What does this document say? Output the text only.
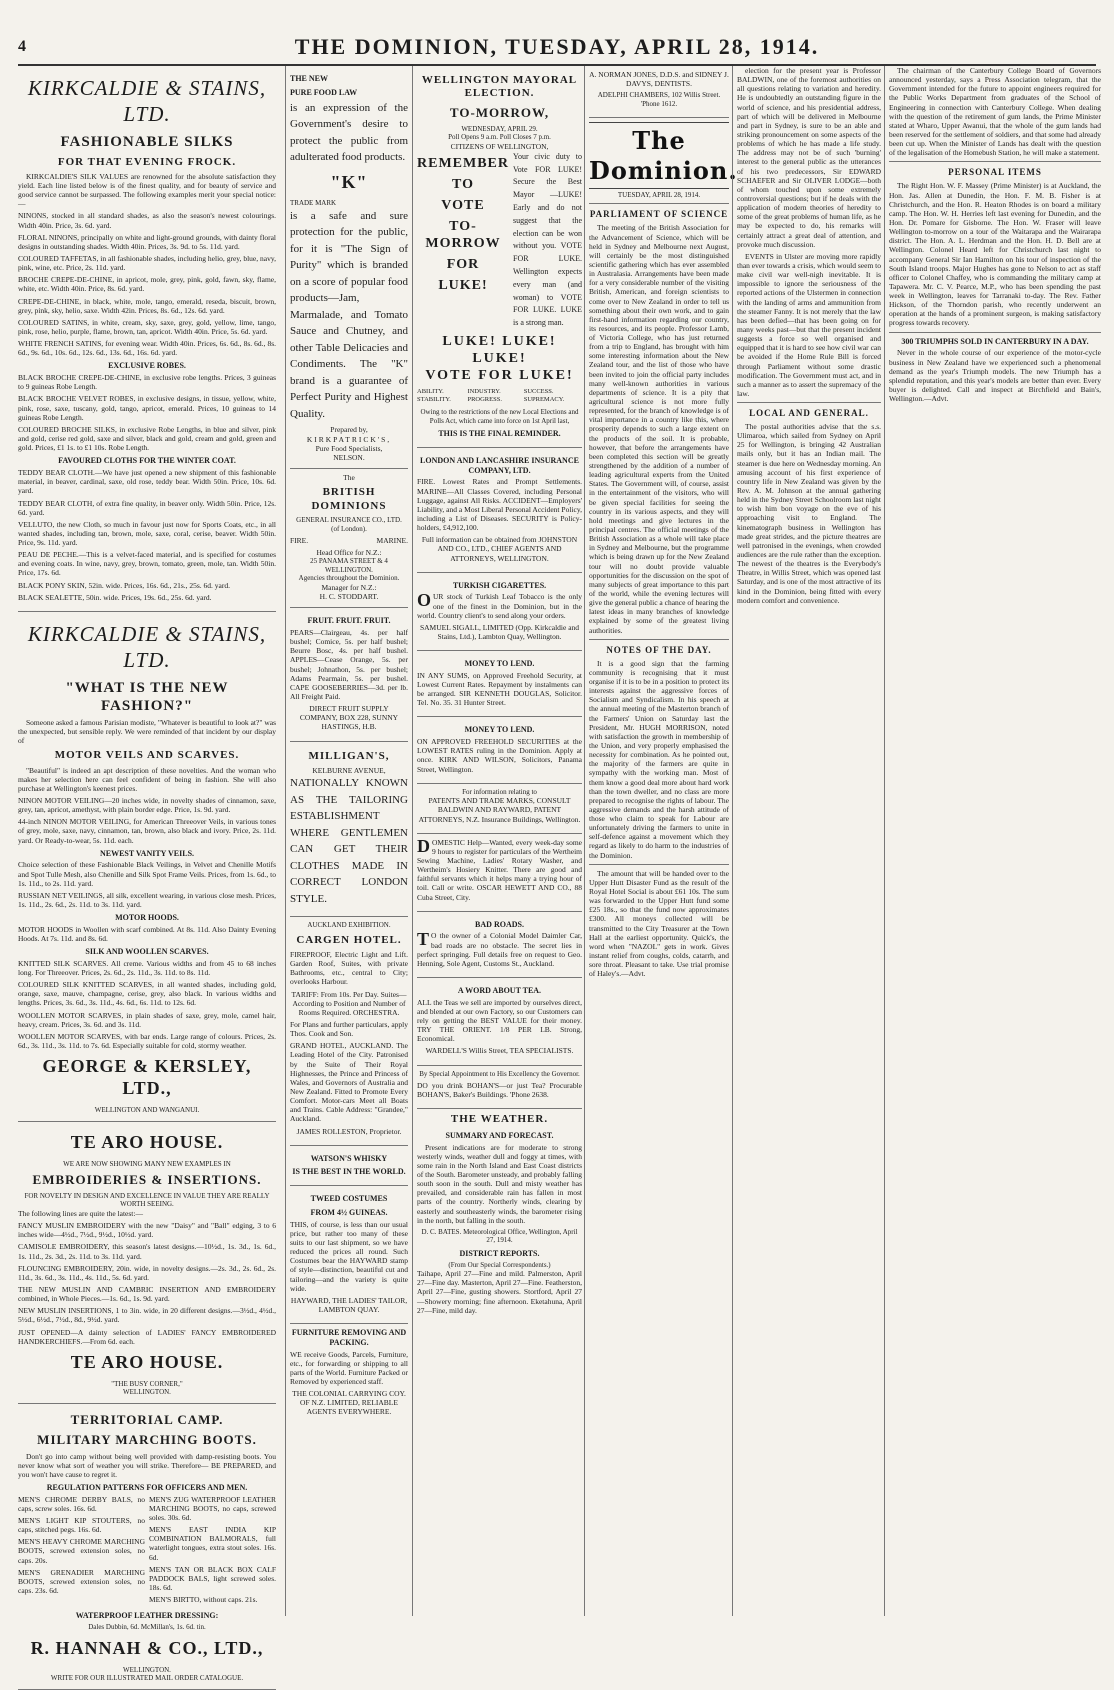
4	THE DOMINION, TUESDAY, APRIL 28, 1914.
KIRKCALDIE & STAINS, LTD.
FASHIONABLE SILKS
FOR THAT EVENING FROCK.

KIRKCALDIE'S SILK VALUES are renowned for the absolute satisfaction they yield. Each line listed below is of the finest quality, and for beauty of service and good service cannot be surpassed. The following examples merit your special notice:—

NINONS, stocked in all standard shades, as also the season's newest colourings. Width 40in. Price, 3s. 6d. yard.

FLORAL NINONS, principally on white and light-ground grounds, with dainty floral designs in outstanding shades. Width 40in. Prices, 3s. 9d. to 5s. 11d. yard.

COLOURED TAFFETAS, in all fashionable shades, including helio, grey, blue, navy, pink, wine, etc. Price, 2s. 11d. yard.

BROCHE CREPE-DE-CHINE, in apricot, mole, grey, pink, gold, fawn, sky, flame, white, etc. Width 40in. Price, 8s. 6d. yard.

CREPE-DE-CHINE, in black, white, mole, tango, emerald, reseda, biscuit, brown, grey, pink, sky, helio, saxe. Width 42in. Prices, 8s. 6d., 12s. 6d. yard.

COLOURED SATINS, in white, cream, sky, saxe, grey, gold, yellow, lime, tango, pink, rose, helio, purple, flame, brown, tan, apricot. Width 40in. Price, 5s. 6d. yard.

WHITE FRENCH SATINS, for evening wear. Width 40in. Prices, 6s. 6d., 8s. 6d., 8s. 6d., 9s. 6d., 10s. 6d., 12s. 6d., 13s. 6d., 16s. 6d. yard.

EXCLUSIVE ROBES.

BLACK BROCHE CREPE-DE-CHINE, in exclusive robe lengths. Prices, 3 guineas to 9 guineas Robe Length.

BLACK BROCHE VELVET ROBES, in exclusive designs, in tissue, yellow, white, pink, rose, saxe, tuscany, gold, tango, apricot, emerald. Prices, 10 guineas to 14 guineas Robe Length.

COLOURED BROCHE SILKS, in exclusive Robe Lengths, in blue and silver, pink and gold, cerise red gold, saxe and silver, black and gold, cream and gold, green and gold. Prices, £1 1s. to £1 10s. Robe Length.

FAVOURED CLOTHS FOR THE WINTER COAT.

TEDDY BEAR CLOTH.—We have just opened a new shipment of this fashionable material, in beaver, cardinal, saxe, old rose, teddy bear. Width 50in. Price, 10s. 6d. yard.

TEDDY BEAR CLOTH, of extra fine quality, in beaver only. Width 50in. Price, 12s. 6d. yard.

VELLUTO, the new Cloth, so much in favour just now for Sports Coats, etc., in all wanted shades, including tan, brown, mole, saxe, coral, cerise, beaver. Width 50in. Price, 9s. 11d. yard.

PEAU DE PECHE.—This is a velvet-faced material, and is specified for costumes and evening coats. In wine, navy, grey, brown, tomato, green, mole, tan. Width 50in. Price, 17s. 6d.

BLACK PONY SKIN, 52in. wide. Prices, 16s. 6d., 21s., 25s. 6d. yard.

BLACK SEALETTE, 50in. wide. Prices, 19s. 6d., 25s. 6d. yard.

KIRKCALDIE & STAINS, LTD.
"WHAT IS THE NEW FASHION?"

Someone asked a famous Parisian modiste, "Whatever is beautiful to look at?" was the unexpected, but sensible reply. We were reminded of that incident by our display of

MOTOR VEILS AND SCARVES.

"Beautiful" is indeed an apt description of these novelties. And the woman who makes her selection here can feel confident of being in fashion. She will also purchase at Wellington's keenest prices.

NINON MOTOR VEILING—20 inches wide, in novelty shades of cinnamon, saxe, grey, tan, apricot, amethyst, with plain border edge. Price, 1s. 9d. yard.

44-inch NINON MOTOR VEILING, for American Threeover Veils, in various tones of grey, mole, saxe, navy, cinnamon, tan, brown, also black and ivory. Price, 2s. 11d. yard. Or Ready-to-wear, 5s. 11d. each.

NEWEST VANITY VEILS.

Choice selection of these Fashionable Black Veilings, in Velvet and Chenille Motifs and Spot Tulle Mesh, also Chenille and Silk Spot Frame Veils. Prices, from 1s. 6d., to 1s. 11d., to 2s. 11d. yard.

RUSSIAN NET VEILINGS, all silk, excellent wearing, in various close mesh. Prices, 1s. 11d., 2s. 6d., 2s. 11d. to 3s. 11d. yard.

MOTOR HOODS.

MOTOR HOODS in Woollen with scarf combined. At 8s. 11d. Also Dainty Evening Hoods. At 7s. 11d. and 8s. 6d.

SILK AND WOOLLEN SCARVES.

KNITTED SILK SCARVES. All creme. Various widths and from 45 to 68 inches long. For Threeover. Prices, 2s. 6d., 2s. 11d., 3s. 11d. to 8s. 11d.

COLOURED SILK KNITTED SCARVES, in all wanted shades, including gold, orange, saxe, mauve, champagne, cerise, grey, also black. In various widths and lengths. Prices, 3s. 6d., 3s. 11d., 4s. 6d., 6s. 11d. to 12s. 6d.

WOOLLEN MOTOR SCARVES, in plain shades of saxe, grey, mole, camel hair, heavy, cream. Prices, 3s. 6d. and 3s. 11d.

WOOLLEN MOTOR SCARVES, with bar ends. Large range of colours. Prices, 2s. 6d., 3s. 11d., 3s. 11d. to 7s. 6d. Especially suitable for cold, stormy weather.

GEORGE & KERSLEY, LTD.,
WELLINGTON AND WANGANUI.
TE ARO HOUSE.
WE ARE NOW SHOWING MANY NEW EXAMPLES IN
EMBROIDERIES & INSERTIONS.
FOR NOVELTY IN DESIGN AND EXCELLENCE IN VALUE THEY ARE REALLY WORTH SEEING.

The following lines are quite the latest:—

FANCY MUSLIN EMBROIDERY with the new "Daisy" and "Ball" edging, 3 to 6 inches wide—4½d., 7½d., 9½d., 10½d. yard.

CAMISOLE EMBROIDERY, this season's latest designs.—10½d., 1s. 3d., 1s. 6d., 1s. 11d., 2s. 3d., 2s. 11d. to 3s. 11d. yard.

FLOUNCING EMBROIDERY, 20in. wide, in novelty designs.—2s. 3d., 2s. 6d., 2s. 11d., 3s. 6d., 3s. 11d., 4s. 11d., 5s. 6d. yard.

THE NEW MUSLIN AND CAMBRIC INSERTION AND EMBROIDERY combined, in Whole Pieces.—1s. 6d., 1s. 9d. yard.

NEW MUSLIN INSERTIONS, 1 to 3in. wide, in 20 different designs.—3½d., 4½d., 5½d., 6½d., 7½d., 8d., 9½d. yard.

JUST OPENED—A dainty selection of LADIES' FANCY EMBROIDERED HANDKERCHIEFS.—From 6d. each.

TE ARO HOUSE.
"THE BUSY CORNER,"
WELLINGTON.
TERRITORIAL CAMP.
MILITARY MARCHING BOOTS.

Don't go into camp without being well provided with damp-resisting boots. You never know what sort of weather you will strike. Therefore— BE PREPARED, and you won't have cause to regret it.

REGULATION PATTERNS FOR OFFICERS AND MEN.

MEN'S CHROME DERBY BALS, no caps, screw soles. 16s. 6d.

MEN'S LIGHT KIP STOUTERS, no caps, stitched pegs. 16s. 6d.

MEN'S HEAVY CHROME MARCHING BOOTS, screwed extension soles, no caps. 20s.

MEN'S GRENADIER MARCHING BOOTS, screwed extension soles, no caps. 23s. 6d.

MEN'S ZUG WATERPROOF LEATHER MARCHING BOOTS, no caps, screwed soles. 30s. 6d.

MEN'S EAST INDIA KIP COMBINATION BALMORALS, full waterlight tongues, extra stout soles. 16s. 6d.

MEN'S TAN OR BLACK BOX CALF PADDOCK BALS, light screwed soles. 18s. 6d.

MEN'S BIRTTO, without caps. 21s.

WATERPROOF LEATHER DRESSING:
Dales Dubbin, 6d. McMillan's, 1s. 6d. tin.
R. HANNAH & CO., LTD.,
WELLINGTON.
WRITE FOR OUR ILLUSTRATED MAIL ORDER CATALOGUE.
THE NEW
PURE FOOD LAW

is an expression of the Government's desire to protect the public from adulterated food products.

"K"
TRADE MARK

is a safe and sure protection for the public, for it is "The Sign of Purity" which is branded on a score of popular food products—Jam, Marmalade, and Tomato Sauce and Chutney, and other Table Delicacies and Condiments. The "K" brand is a guarantee of Perfect Purity and Highest Quality.

Prepared by,
KIRKPATRICK'S,
Pure Food Specialists,
NELSON.
The
BRITISH DOMINIONS
GENERAL INSURANCE CO., LTD.
(of London).
FIRE.	MARINE.
Head Office for N.Z.:
25 PANAMA STREET & 4 WELLINGTON.
Agencies throughout the Dominion.
Manager for N.Z.:
H. C. STODDART.
FRUIT. FRUIT. FRUIT.

PEARS—Clairgeau, 4s. per half bushel; Comice, 5s. per half bushel; Beurre Bosc, 4s. per half bushel. APPLES—Cease Orange, 5s. per bushel; Johnathon, 5s. per bushel; Adams Pearmain, 5s. per bushel. CAPE GOOSEBERRIES—3d. per lb. All Freight Paid.

DIRECT FRUIT SUPPLY COMPANY, BOX 228, SUNNY HASTINGS, H.B.

MILLIGAN'S,
KELBURNE AVENUE,

NATIONALLY KNOWN AS THE TAILORING ESTABLISHMENT WHERE GENTLEMEN CAN GET THEIR CLOTHES MADE IN CORRECT LONDON STYLE.

AUCKLAND EXHIBITION.
CARGEN HOTEL.

FIREPROOF, Electric Light and Lift. Garden Roof, Suites, with private Bathrooms, etc., central to City; overlooks Harbour.

TARIFF: From 10s. Per Day. Suites—According to Position and Number of Rooms Required. ORCHESTRA.

For Plans and further particulars, apply Thos. Cook and Son.

GRAND HOTEL, AUCKLAND. The Leading Hotel of the City. Patronised by the Suite of Their Royal Highnesses, the Prince and Princess of Wales, and Governors of Australia and New Zealand. Fitted to Promote Every Comfort. Motor-cars Meet all Boats and Trains. Cable Address: "Grandee," Auckland.

JAMES ROLLESTON, Proprietor.

WATSON'S WHISKY
IS THE BEST IN THE WORLD.
TWEED COSTUMES
FROM 4½ GUINEAS.

THIS, of course, is less than our usual price, but rather too many of these suits to our last shipment, so we have reduced the prices all round. Such Costumes bear the HAYWARD stamp of style—distinction, beautiful cut and tailoring—and the variety is quite wide.

HAYWARD, THE LADIES' TAILOR, LAMBTON QUAY.

FURNITURE REMOVING AND PACKING.

WE receive Goods, Parcels, Furniture, etc., for forwarding or shipping to all parts of the World. Furniture Packed or Removed by experienced staff.

THE COLONIAL CARRYING COY. OF N.Z. LIMITED, RELIABLE AGENTS EVERYWHERE.

WELLINGTON MAYORAL ELECTION.
TO-MORROW,
WEDNESDAY, APRIL 29.
Poll Opens 9 a.m. Poll Closes 7 p.m.
CITIZENS OF WELLINGTON,
REMEMBER
TO
VOTE
TO-MORROW
FOR
LUKE!

Your civic duty to Vote FOR LUKE! Secure the Best Mayor —LUKE! Early and do not suggest that the election can be won without you. VOTE FOR LUKE. Wellington expects every man (and woman) to VOTE FOR LUKE. LUKE is a strong man.

LUKE! LUKE! LUKE!
VOTE FOR LUKE!
ABILITY. STABILITY.
INDUSTRY. PROGRESS.
SUCCESS. SUPREMACY.

Owing to the restrictions of the new Local Elections and Polls Act, which came into force on 1st April last,

THIS IS THE FINAL REMINDER.
LONDON AND LANCASHIRE INSURANCE COMPANY, LTD.

FIRE. Lowest Rates and Prompt Settlements. MARINE—All Classes Covered, including Personal Luggage, against All Risks. ACCIDENT—Employers' Liability, and a Most Liberal Personal Accident Policy, including a List of Diseases. SECURITY is Policy-holders, £4,912,100.

Full information can be obtained from JOHNSTON AND CO., LTD., CHIEF AGENTS AND ATTORNEYS, WELLINGTON.

TURKISH CIGARETTES.

OUR stock of Turkish Leaf Tobacco is the only one of the finest in the Dominion, but in the world. Country client's to send along your orders.

SAMUEL SIGALL, LIMITED (Opp. Kirkcaldie and Stains, Ltd.), Lambton Quay, Wellington.

MONEY TO LEND.

IN ANY SUMS, on Approved Freehold Security, at Lowest Current Rates. Repayment by instalments can be arranged. SIR KENNETH DOUGLAS, Solicitor. Tel. No. 35. 31 Hunter Street.

MONEY TO LEND.

ON APPROVED FREEHOLD SECURITIES at the LOWEST RATES ruling in the Dominion. Apply at once. KIRK AND WILSON, Solicitors, Panama Street, Wellington.

For information relating to

PATENTS AND TRADE MARKS, CONSULT BALDWIN AND RAYWARD, PATENT ATTORNEYS, N.Z. Insurance Buildings, Wellington.

DOMESTIC Help—Wanted, every week-day some 9 hours to register for particulars of the Wertheim Sewing Machine, Ladies' Rotary Washer, and Wertheim's Hosiery Knitter. There are good and faithful servants which it helps many a trying hour of toil. Call or write. OSCAR HEWETT AND CO., 88 Cuba Street, City.

BAD ROADS.

TO the owner of a Colonial Model Daimler Car, bad roads are no obstacle. The secret lies in perfect springing. Full details free on request to Geo. Henning, Sole Agent, Customs St., Auckland.

A WORD ABOUT TEA.

ALL the Teas we sell are imported by ourselves direct, and blended at our own Factory, so our Customers can rely on getting the BEST VALUE for their money. TRY THE ORIENT. 1/8 PER LB. Strong, Economical.

WARDELL'S Willis Street, TEA SPECIALISTS.

By Special Appointment to His Excellency the Governor.

DO you drink BOHAN'S—or just Tea? Procurable BOHAN'S, Baker's Buildings. 'Phone 2638.

THE WEATHER.
SUMMARY AND FORECAST.

Present indications are for moderate to strong westerly winds, weather dull and foggy at times, with some rain in the North Island and East Coast districts of the South. Barometer unsteady, and probably falling south soon in the south. Dull and misty weather has prevailed, and considerable rain has fallen in most parts of the country. Northerly winds, clearing by easterly and southeasterly winds, the barometer rising in the north, but falling in the south.

D. C. BATES. Meteorological Office, Wellington, April 27, 1914.

DISTRICT REPORTS.
(From Our Special Correspondents.)

Taihape, April 27—Fine and mild. Palmerston, April 27—Fine day. Masterton, April 27—Fine. Featherston, April 27—Fine, gusting showers. Stortford, April 27—Showery morning; fine afternoon. Eketahuna, April 27—Fine, mild day.

A. NORMAN JONES, D.D.S. and SIDNEY J. DAVYS, DENTISTS.

ADELPHI CHAMBERS, 102 Willis Street. 'Phone 1612.

The Dominion.
TUESDAY, APRIL 28, 1914.
PARLIAMENT OF SCIENCE

The meeting of the British Association for the Advancement of Science, which will be held in Sydney and Melbourne next August, will certainly be the most distinguished scientific gathering which has ever assembled in Australasia. Arrangements have been made for a very considerable number of the visiting British, American, and foreign scientists to come over to New Zealand in order to tell us something about their own work, and to gain first-hand information regarding our country, its resources, and its people. Professor Lamb, of Victoria College, who has just returned from a trip to England, has brought with him some interesting information about the New Zealand tour, and the list of those who have been invited to join the official party includes many well-known authorities in various departments of science. It is a pity that agricultural science is not more fully represented, for the branch of knowledge is of vital importance in a country like this, where prosperity depends to such a large extent on the products of the soil. It is probable, however, that before the arrangements have been completed this section will be greatly strengthened by the addition of a number of leading agricultural experts from the United States. The Government will, of course, assist in the entertainment of the visitors, who will be given special facilities for seeing the country in its various aspects, and they will hold meetings and give lectures in the principal centres. The official meetings of the British Association as a whole will take place in Sydney and Melbourne, but the programme which is being drawn up for the New Zealand tour will no doubt provide valuable opportunities for the discussion on the spot of many subjects of great importance to this part of the world, while the evening lectures will give the general public a chance of hearing the latest ideas in many branches of knowledge explained by some of the greatest living authorities.

NOTES OF THE DAY.

It is a good sign that the farming community is recognising that it must organise if it is to be in a position to protect its interests against the aggressive forces of Socialism and Syndicalism. In his speech at the annual meeting of the Masterton branch of the Farmers' Union on Saturday last the President, Mr. HUGH MORRISON, noted with satisfaction the growth in membership of the Union, and very properly emphasised the necessity for combination. As he pointed out, the majority of the farmers are quite in sympathy with the working man. Most of them know a good deal more about hard work than the town dweller, and no class are more prepared to recognise the rights of labour. The aggressive demands and the harsh attitude of those who claim to speak for Labour are unfortunately driving the farmers to unite in self-defence against a movement which they regard as likely to do harm to the industries of the Dominion.

The amount that will be handed over to the Upper Hutt Disaster Fund as the result of the Royal Hotel Social is about £61 10s. The sum was forwarded to the Upper Hutt fund some £25 18s., so that the fund now approximates £300. All moneys collected will be transmitted to the City Treasurer at the Town Hall at the earliest opportunity. Quick's, the word when "NAZOL" gets in work. Gives instant relief from coughs, colds, catarrh, and sore throat. Pleasant to take. Use trial promise of Haley's.—Advt.

election for the present year is Professor BALDWIN, one of the foremost authorities on all questions relating to variation and heredity. He is undoubtedly an outstanding figure in the world of science, and his presidential address, part of which will be delivered in Melbourne and part in Sydney, is sure to be an able and striking pronouncement on some aspects of the problems of which he has made a life study. The address may not be of such 'burning' interest to the general public as the utterances of his two predecessors, Sir EDWARD SCHAEFER and Sir OLIVER LODGE—both of whom touched upon some extremely controversial questions; but if he deals with the application of modern theories of heredity to some of the great problems of human life, as he may be expected to do, his remarks will certainly attract a great deal of attention, and provoke much discussion.

EVENTS in Ulster are moving more rapidly than ever towards a crisis, which would seem to make civil war well-nigh inevitable. It is impossible to ignore the seriousness of the reported actions of the Ulstermen in connection with the landing of arms and ammunition from the steamer Fanny. It is not merely that the law has been defied—that has been going on for many weeks past—but that the present incident suggests a force so well organised and equipped that it is hard to see how civil war can be avoided if the Home Rule Bill is forced through Parliament without some drastic modification. The Government must act, and in such a manner as to assert the supremacy of the law.

LOCAL AND GENERAL.

The postal authorities advise that the s.s. Ulimaroa, which sailed from Sydney on April 25 for Wellington, is bringing 42 Australian mails only, but it has an Indian mail. The steamer is due here on Wednesday morning. An amusing account of his first experience of country life in New Zealand was given by the Rev. A. M. Johnson at the annual gathering held in the Sydney Street Schoolroom last night to wish him bon voyage on the eve of his approaching visit to England. The kinematograph business in Wellington has made great strides, and the picture theatres are well patronised in the evenings, when crowded audiences are the rule rather than the exception. The newest of the theatres is the Everybody's Theatre, in Willis Street, which was opened last Saturday, and is one of the most attractive of its kind in the Dominion, being fitted with every modern comfort and convenience.

The chairman of the Canterbury College Board of Governors announced yesterday, says a Press Association telegram, that the Government intended for the future to appoint engineers required for the Public Works Department from graduates of the School of Engineering in connection with Canterbury College. When dealing with the question of the retirement of gum lands, the Prime Minister stated at Wharo, Upper Awanui, that the whole of the gum lands had been reserved for the settlement of soldiers, and that some had already been cut up. When the Minister of Lands has dealt with the question of the legalisation of the Homebush Station, he will make a statement.

PERSONAL ITEMS

The Right Hon. W. F. Massey (Prime Minister) is at Auckland, the Hon. Jas. Allen at Dunedin, the Hon. F. M. B. Fisher is at Christchurch, and the Hon. R. Heaton Rhodes is on board a military camp. The Hon. W. H. Herries left last evening for Dunedin, and the Hon. Dr. Pomare for Gisborne. The Hon. W. Fraser will leave Wellington to-morrow on a tour of the Waitarapa and the Wairarapa district. The Hon. A. L. Herdman and the Hon. H. D. Bell are at Wellington. Colonel Heard left for Christchurch last night to accompany General Sir Ian Hamilton on his tour of inspection of the South Island troops. Major Hughes has gone to Nelson to act as staff officer to Colonel Chaffey, who is commanding the military camp at Tapawera. Mr. C. V. Pearce, M.P., who has been spending the past week in Wellington, leaves for Tarranaki to-day. The Rev. Father Hickson, of the Thorndon parish, who recently underwent an operation at the hands of a prominent surgeon, is making satisfactory progress towards recovery.

300 TRIUMPHS SOLD IN CANTERBURY IN A DAY.

Never in the whole course of our experience of the motor-cycle business in New Zealand have we experienced such a phenomenal demand as the year's Triumph models. The new Triumph has a splendid reputation, and this year's models are better than ever. Every buyer is delighted. Call and inspect at Birchfield and Bain's, Wellington.—Advt.
